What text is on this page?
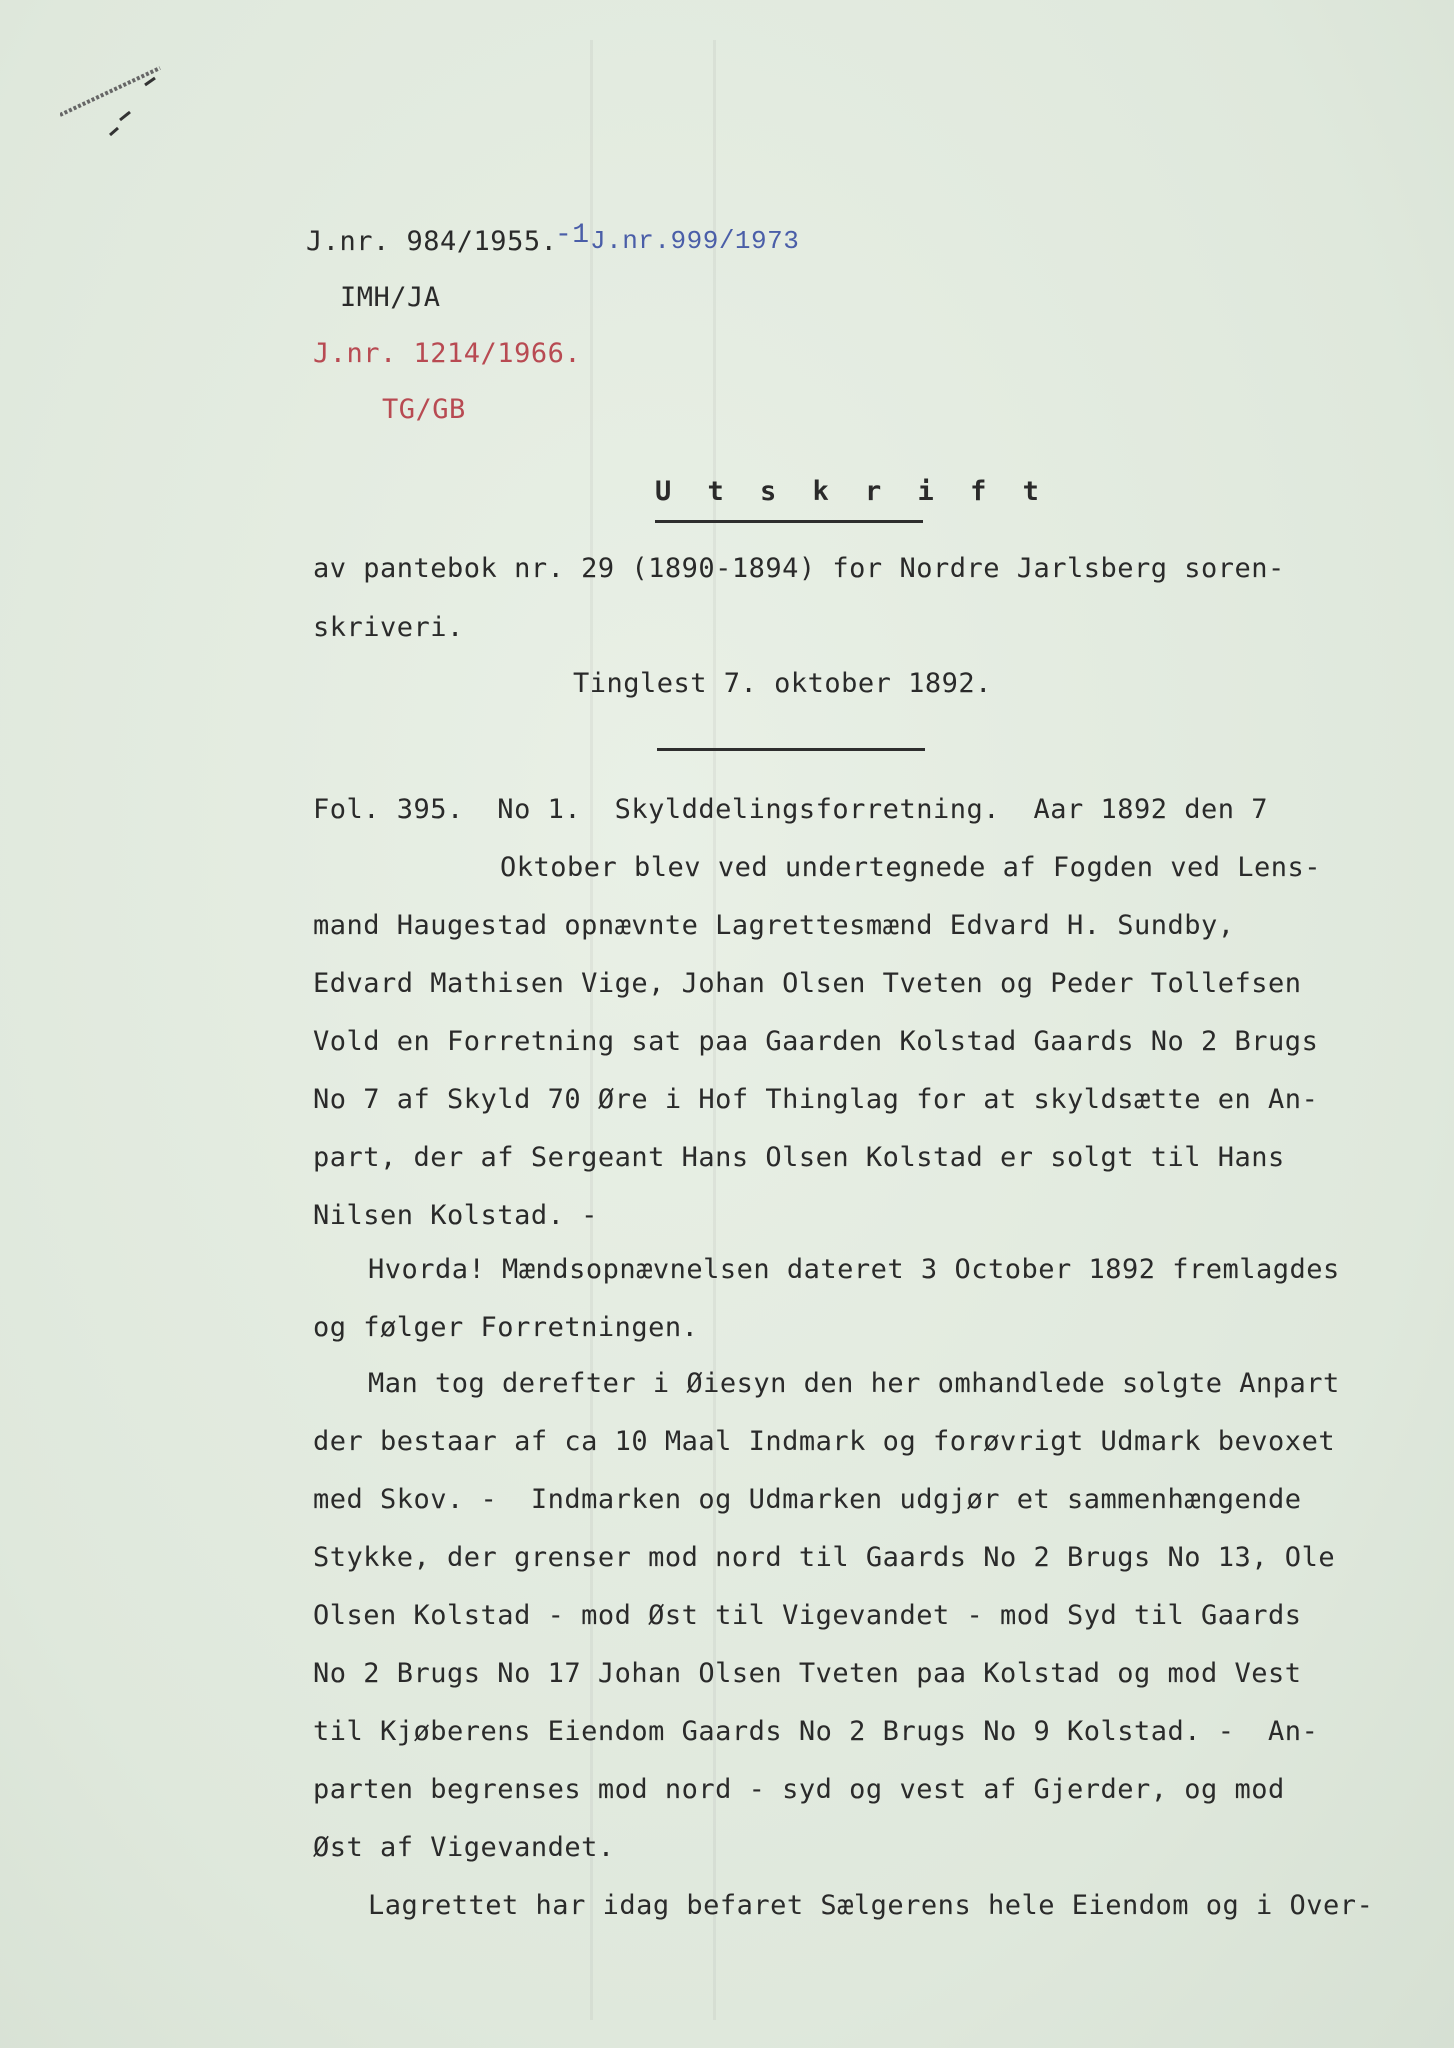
J.nr. 984/1955.
-1 J.nr.999/1973
IMH/JA
J.nr. 1214/1966.
TG/GB
U t s k r i f t
av pantebok nr. 29 (1890-1894) for Nordre Jarlsberg soren-
skriveri.
Tinglest 7. oktober 1892.
Fol. 395.  No 1.  Skylddelingsforretning.  Aar 1892 den 7
Oktober blev ved undertegnede af Fogden ved Lens-
mand Haugestad opnævnte Lagrettesmænd Edvard H. Sundby,
Edvard Mathisen Vige, Johan Olsen Tveten og Peder Tollefsen
Vold en Forretning sat paa Gaarden Kolstad Gaards No 2 Brugs
No 7 af Skyld 70 Øre i Hof Thinglag for at skyldsætte en An-
part, der af Sergeant Hans Olsen Kolstad er solgt til Hans
Nilsen Kolstad. -
Hvorda! Mændsopnævnelsen dateret 3 October 1892 fremlagdes
og følger Forretningen.
Man tog derefter i Øiesyn den her omhandlede solgte Anpart
der bestaar af ca 10 Maal Indmark og forøvrigt Udmark bevoxet
med Skov. -  Indmarken og Udmarken udgjør et sammenhængende
Stykke, der grenser mod nord til Gaards No 2 Brugs No 13, Ole
Olsen Kolstad - mod Øst til Vigevandet - mod Syd til Gaards
No 2 Brugs No 17 Johan Olsen Tveten paa Kolstad og mod Vest
til Kjøberens Eiendom Gaards No 2 Brugs No 9 Kolstad. -  An-
parten begrenses mod nord - syd og vest af Gjerder, og mod
Øst af Vigevandet.
Lagrettet har idag befaret Sælgerens hele Eiendom og i Over-
